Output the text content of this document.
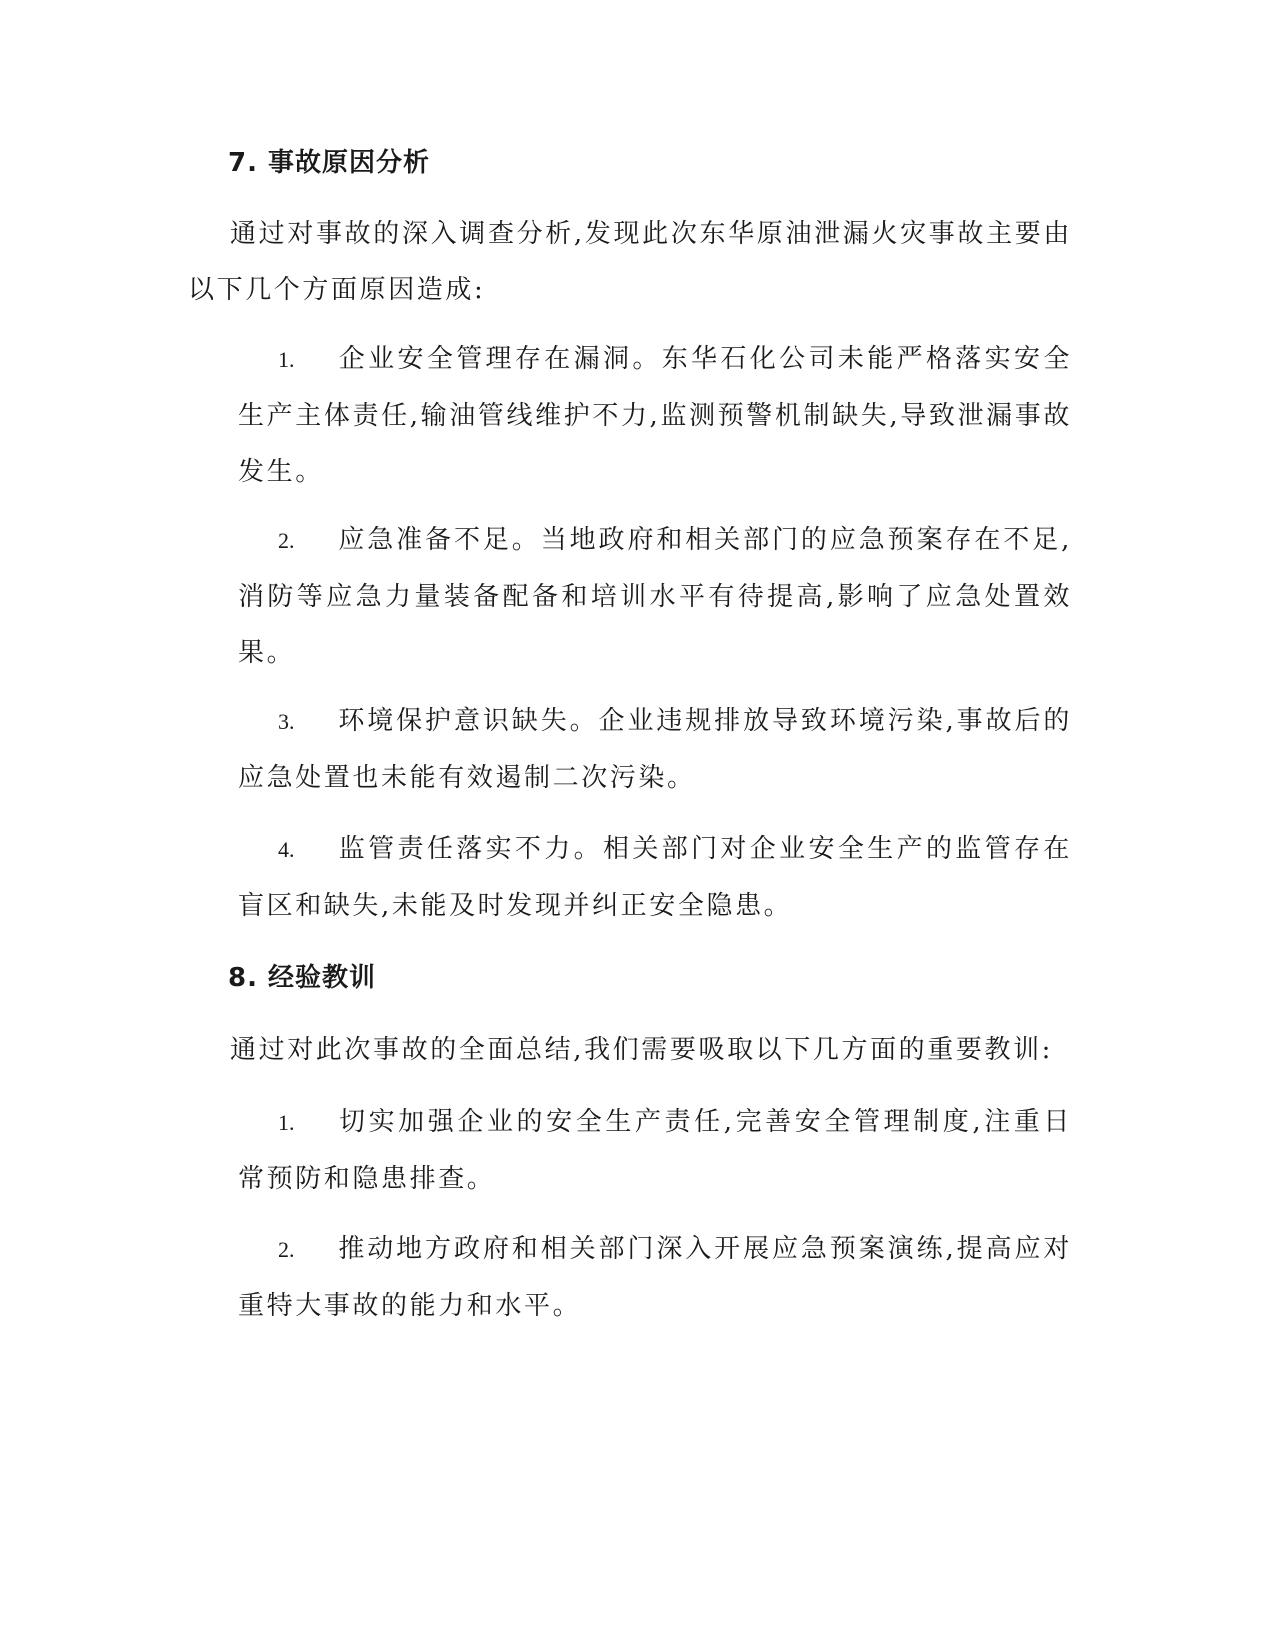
7. 事故原因分析

通过对事故的深入调查分析,发现此次东华原油泄漏火灾事故主要由以下几个方面原因造成:

1. 企业安全管理存在漏洞。东华石化公司未能严格落实安全生产主体责任,输油管线维护不力,监测预警机制缺失,导致泄漏事故发生。

2. 应急准备不足。当地政府和相关部门的应急预案存在不足,消防等应急力量装备配备和培训水平有待提高,影响了应急处置效果。

3. 环境保护意识缺失。企业违规排放导致环境污染,事故后的应急处置也未能有效遏制二次污染。

4. 监管责任落实不力。相关部门对企业安全生产的监管存在盲区和缺失,未能及时发现并纠正安全隐患。

8. 经验教训

通过对此次事故的全面总结,我们需要吸取以下几方面的重要教训:

1. 切实加强企业的安全生产责任,完善安全管理制度,注重日常预防和隐患排查。

2. 推动地方政府和相关部门深入开展应急预案演练,提高应对重特大事故的能力和水平。
